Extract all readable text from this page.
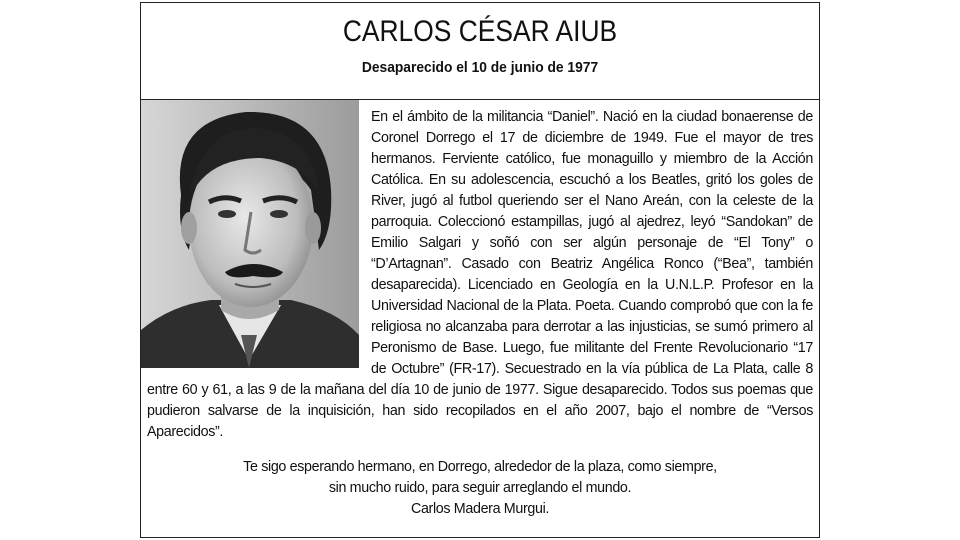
CARLOS CÉSAR AIUB
Desaparecido el 10 de junio de 1977
En el ámbito de la militancia “Daniel”. Nació en la ciudad bonaerense de Coronel Dorrego el 17 de diciembre de 1949. Fue el mayor de tres hermanos. Ferviente católico, fue monaguillo y miembro de la Acción Católica. En su adolescencia, escuchó a los Beatles, gritó los goles de River, jugó al futbol queriendo ser el Nano Areán, con la celeste de la parroquia. Coleccionó estampillas, jugó al ajedrez, leyó “Sandokan” de Emilio Salgari y soñó con ser algún personaje de “El Tony” o “D’Artagnan”. Casado con Beatriz Angélica Ronco (“Bea”, también desaparecida). Licenciado en Geología en la U.N.L.P. Profesor en la Universidad Nacional de la Plata. Poeta. Cuando comprobó que con la fe religiosa no alcanzaba para derrotar a las injusticias, se sumó primero al Peronismo de Base. Luego, fue militante del Frente Revolucionario “17 de Octubre” (FR-17). Secuestrado en la vía pública de La Plata, calle 8 entre 60 y 61, a las 9 de la mañana del día 10 de junio de 1977. Sigue desaparecido. Todos sus poemas que pudieron salvarse de la inquisición, han sido recopilados en el año 2007, bajo el nombre de “Versos Aparecidos”.
Te sigo esperando hermano, en Dorrego, alrededor de la plaza, como siempre,
sin mucho ruido, para seguir arreglando el mundo.
Carlos Madera Murgui.
